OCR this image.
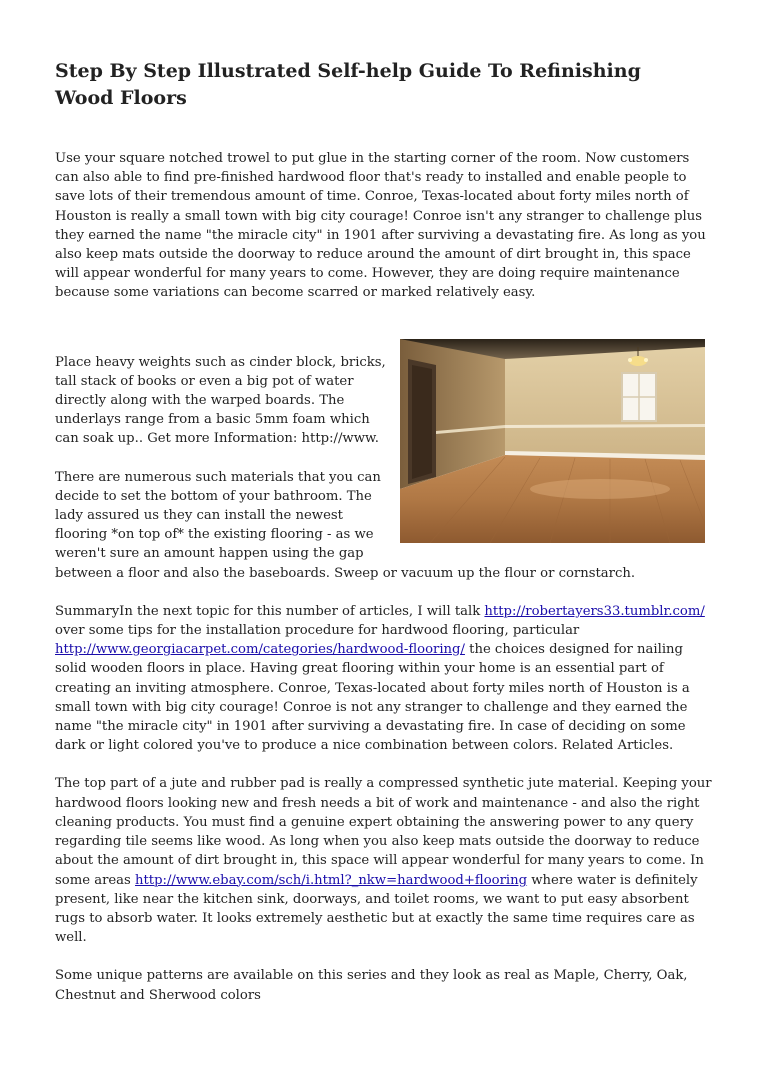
Step By Step Illustrated Self-help Guide To Refinishing Wood Floors

Use your square notched trowel to put glue in the starting corner of the room. Now customers can also able to find pre-finished hardwood floor that's ready to installed and enable people to save lots of their tremendous amount of time. Conroe, Texas-located about forty miles north of Houston is really a small town with big city courage! Conroe isn't any stranger to challenge plus they earned the name "the miracle city" in 1901 after surviving a devastating fire. As long as you also keep mats outside the doorway to reduce around the amount of dirt brought in, this space will appear wonderful for many years to come. However, they are doing require maintenance because some variations can become scarred or marked relatively easy.

Place heavy weights such as cinder block, bricks, tall stack of books or even a big pot of water directly along with the warped boards. The underlays range from a basic 5mm foam which can soak up.. Get more Information: http://www.

There are numerous such materials that you can decide to set the bottom of your bathroom. The lady assured us they can install the newest flooring *on top of* the existing flooring - as we weren't sure an amount happen using the gap between a floor and also the baseboards. Sweep or vacuum up the flour or cornstarch.

SummaryIn the next topic for this number of articles, I will talk http://robertayers33.tumblr.com/ over some tips for the installation procedure for hardwood flooring, particular http://www.georgiacarpet.com/categories/hardwood-flooring/ the choices designed for nailing solid wooden floors in place. Having great flooring within your home is an essential part of creating an inviting atmosphere. Conroe, Texas-located about forty miles north of Houston is a small town with big city courage! Conroe is not any stranger to challenge and they earned the name "the miracle city" in 1901 after surviving a devastating fire. In case of deciding on some dark or light colored you've to produce a nice combination between colors. Related Articles.

The top part of a jute and rubber pad is really a compressed synthetic jute material. Keeping your hardwood floors looking new and fresh needs a bit of work and maintenance - and also the right cleaning products. You must find a genuine expert obtaining the answering power to any query regarding tile seems like wood. As long when you also keep mats outside the doorway to reduce about the amount of dirt brought in, this space will appear wonderful for many years to come. In some areas http://www.ebay.com/sch/i.html?_nkw=hardwood+flooring where water is definitely present, like near the kitchen sink, doorways, and toilet rooms, we want to put easy absorbent rugs to absorb water. It looks extremely aesthetic but at exactly the same time requires care as well.

Some unique patterns are available on this series and they look as real as Maple, Cherry, Oak, Chestnut and Sherwood colors
